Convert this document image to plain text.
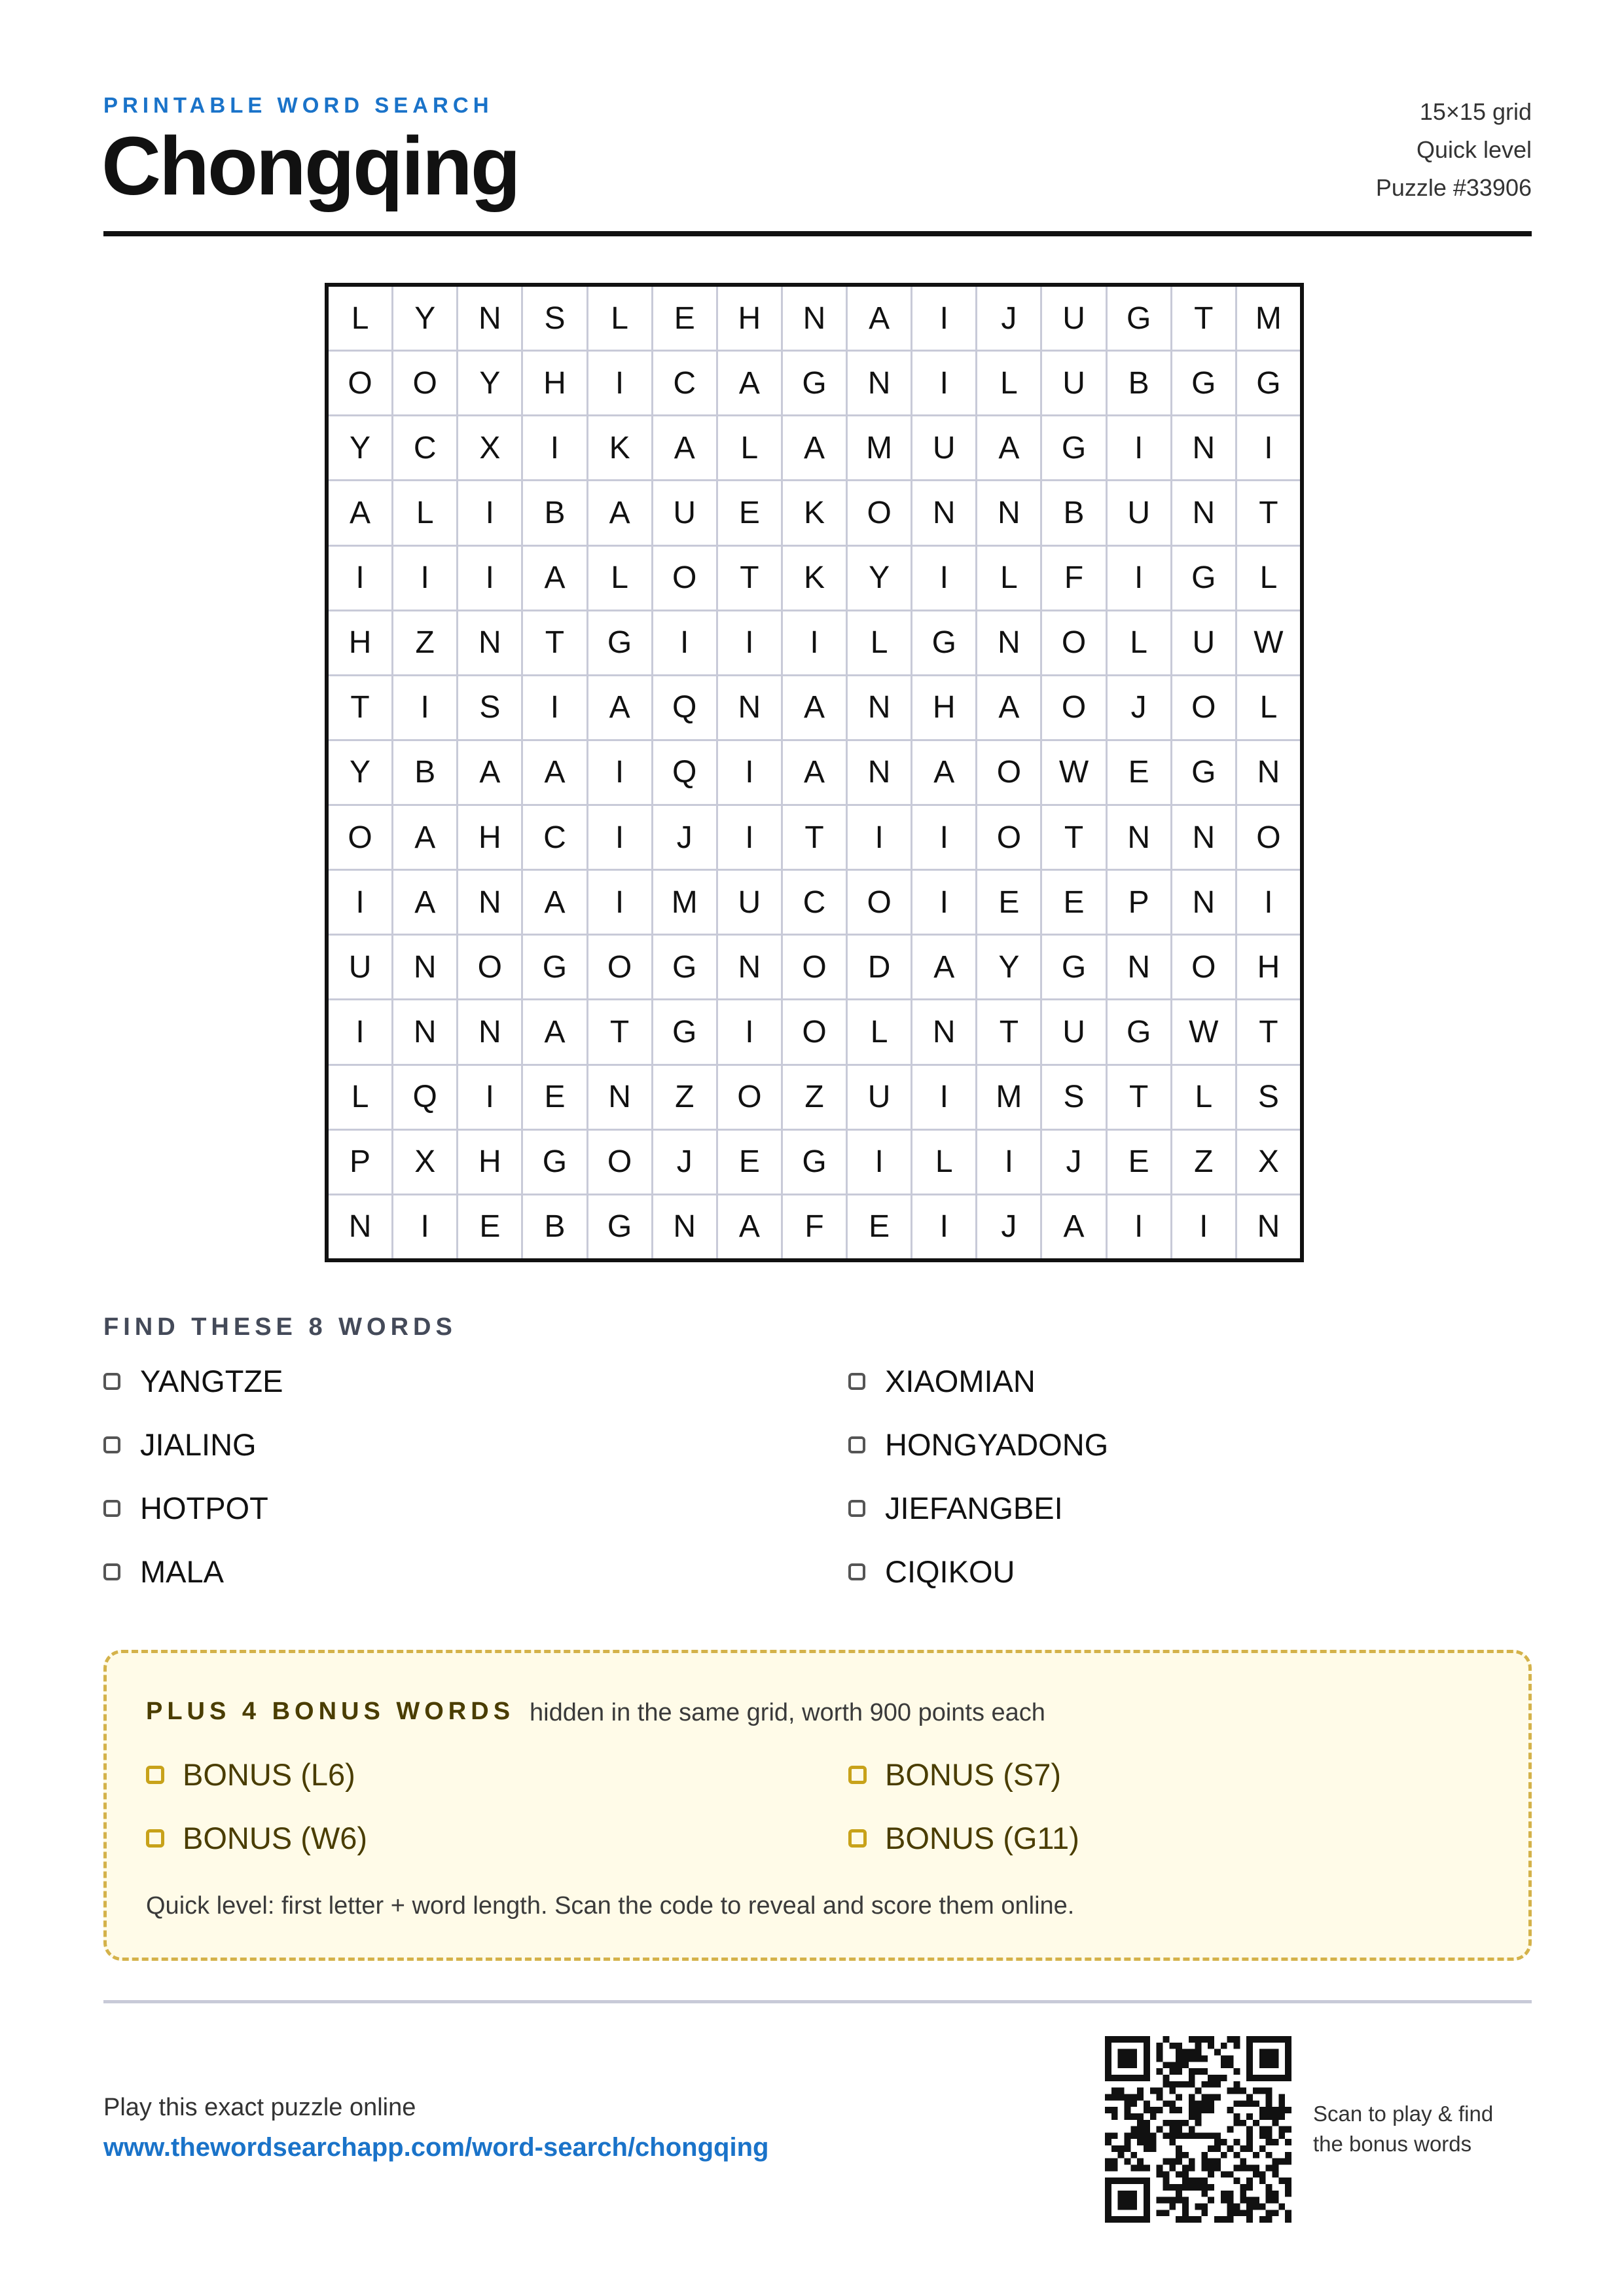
PRINTABLE WORD SEARCH
Chongqing
15×15 grid
Quick level
Puzzle #33906
L	Y	N	S	L	E	H	N	A	I	J	U	G	T	M
O	O	Y	H	I	C	A	G	N	I	L	U	B	G	G
Y	C	X	I	K	A	L	A	M	U	A	G	I	N	I
A	L	I	B	A	U	E	K	O	N	N	B	U	N	T
I	I	I	A	L	O	T	K	Y	I	L	F	I	G	L
H	Z	N	T	G	I	I	I	L	G	N	O	L	U	W
T	I	S	I	A	Q	N	A	N	H	A	O	J	O	L
Y	B	A	A	I	Q	I	A	N	A	O	W	E	G	N
O	A	H	C	I	J	I	T	I	I	O	T	N	N	O
I	A	N	A	I	M	U	C	O	I	E	E	P	N	I
U	N	O	G	O	G	N	O	D	A	Y	G	N	O	H
I	N	N	A	T	G	I	O	L	N	T	U	G	W	T
L	Q	I	E	N	Z	O	Z	U	I	M	S	T	L	S
P	X	H	G	O	J	E	G	I	L	I	J	E	Z	X
N	I	E	B	G	N	A	F	E	I	J	A	I	I	N
FIND THESE 8 WORDS
YANGTZE	XIAOMIAN
JIALING	HONGYADONG
HOTPOT	JIEFANGBEI
MALA	CIQIKOU
PLUS 4 BONUS WORDS hidden in the same grid, worth 900 points each
BONUS (L6)	BONUS (S7)
BONUS (W6)	BONUS (G11)
Quick level: first letter + word length. Scan the code to reveal and score them online.
Play this exact puzzle online
www.thewordsearchapp.com/word-search/chongqing
Scan to play & find
the bonus words
